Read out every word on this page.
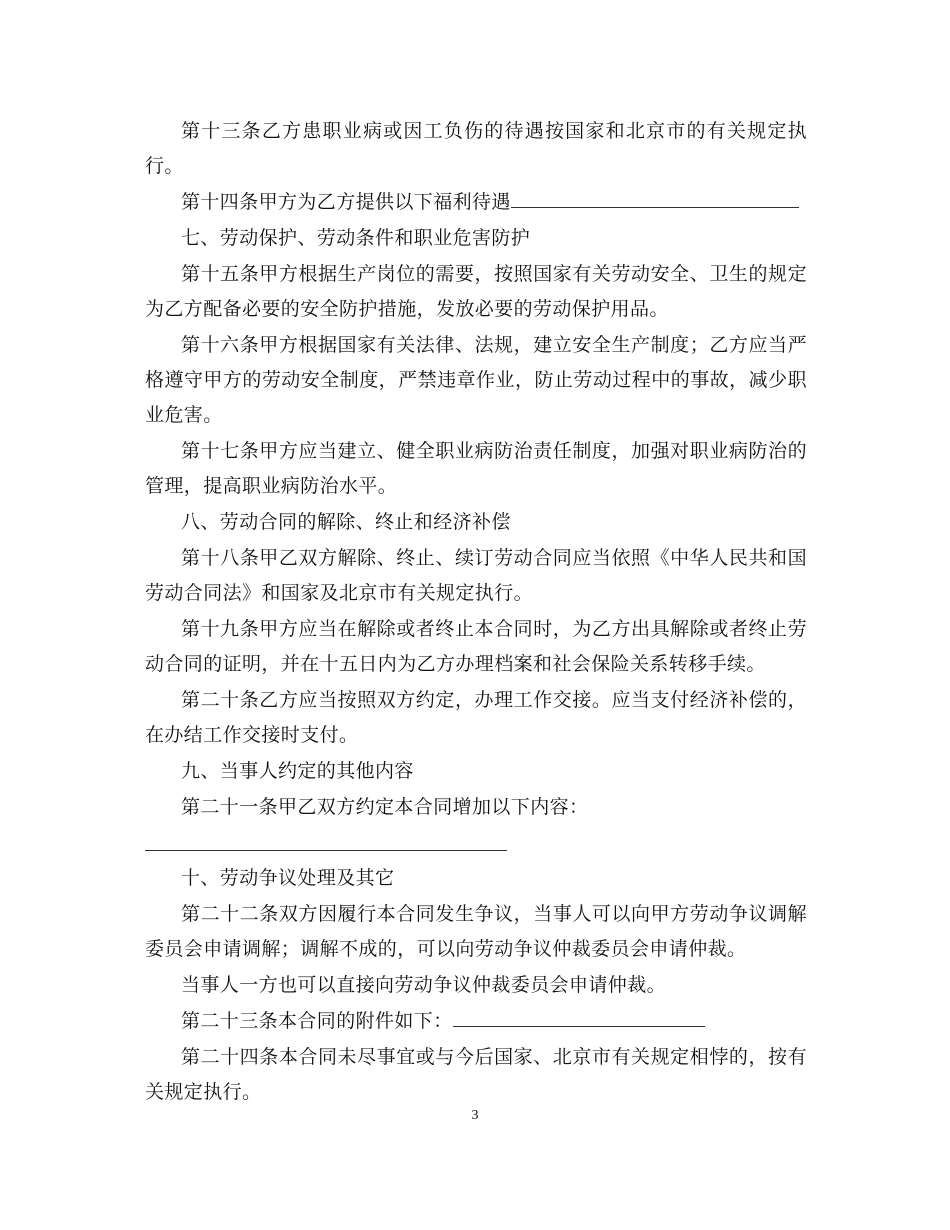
第十三条乙方患职业病或因工负伤的待遇按国家和北京市的有关规定执行。

第十四条甲方为乙方提供以下福利待遇

七、劳动保护、劳动条件和职业危害防护

第十五条甲方根据生产岗位的需要，按照国家有关劳动安全、卫生的规定为乙方配备必要的安全防护措施，发放必要的劳动保护用品。

第十六条甲方根据国家有关法律、法规，建立安全生产制度；乙方应当严格遵守甲方的劳动安全制度，严禁违章作业，防止劳动过程中的事故，减少职业危害。

第十七条甲方应当建立、健全职业病防治责任制度，加强对职业病防治的管理，提高职业病防治水平。

八、劳动合同的解除、终止和经济补偿

第十八条甲乙双方解除、终止、续订劳动合同应当依照《中华人民共和国劳动合同法》和国家及北京市有关规定执行。

第十九条甲方应当在解除或者终止本合同时，为乙方出具解除或者终止劳动合同的证明，并在十五日内为乙方办理档案和社会保险关系转移手续。

第二十条乙方应当按照双方约定，办理工作交接。应当支付经济补偿的，在办结工作交接时支付。

九、当事人约定的其他内容

第二十一条甲乙双方约定本合同增加以下内容：

十、劳动争议处理及其它

第二十二条双方因履行本合同发生争议，当事人可以向甲方劳动争议调解委员会申请调解；调解不成的，可以向劳动争议仲裁委员会申请仲裁。

当事人一方也可以直接向劳动争议仲裁委员会申请仲裁。

第二十三条本合同的附件如下：

第二十四条本合同未尽事宜或与今后国家、北京市有关规定相悖的，按有关规定执行。

3
